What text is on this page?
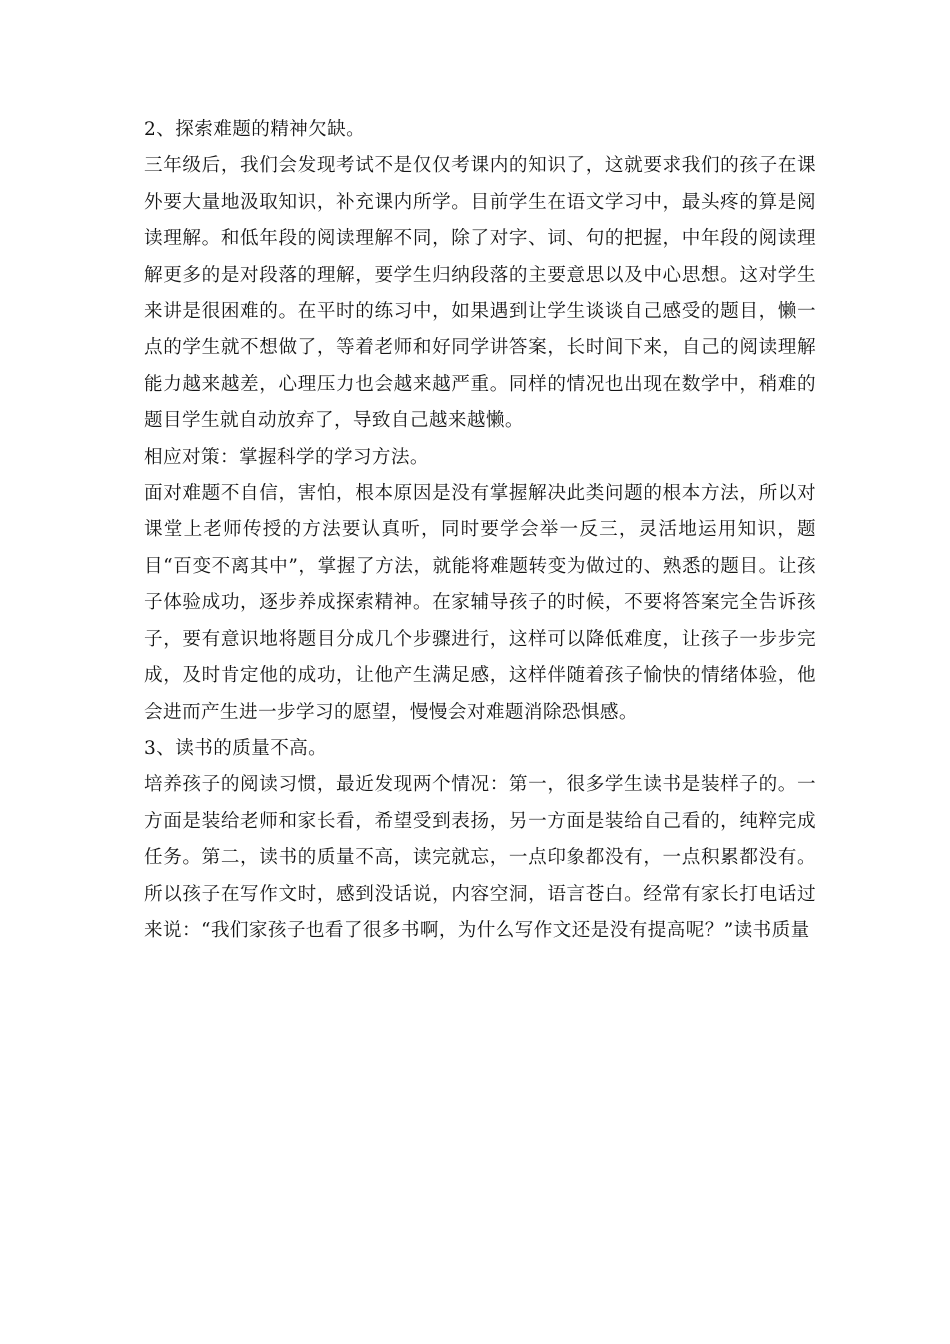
2、探索难题的精神欠缺。

三年级后，我们会发现考试不是仅仅考课内的知识了，这就要求我们的孩子在课外要大量地汲取知识，补充课内所学。目前学生在语文学习中，最头疼的算是阅读理解。和低年段的阅读理解不同，除了对字、词、句的把握，中年段的阅读理解更多的是对段落的理解，要学生归纳段落的主要意思以及中心思想。这对学生来讲是很困难的。在平时的练习中，如果遇到让学生谈谈自己感受的题目，懒一点的学生就不想做了，等着老师和好同学讲答案，长时间下来，自己的阅读理解能力越来越差，心理压力也会越来越严重。同样的情况也出现在数学中，稍难的题目学生就自动放弃了，导致自己越来越懒。

相应对策：掌握科学的学习方法。

面对难题不自信，害怕，根本原因是没有掌握解决此类问题的根本方法，所以对课堂上老师传授的方法要认真听，同时要学会举一反三，灵活地运用知识，题目“百变不离其中”，掌握了方法，就能将难题转变为做过的、熟悉的题目。让孩子体验成功，逐步养成探索精神。在家辅导孩子的时候，不要将答案完全告诉孩子，要有意识地将题目分成几个步骤进行，这样可以降低难度，让孩子一步步完成，及时肯定他的成功，让他产生满足感，这样伴随着孩子愉快的情绪体验，他会进而产生进一步学习的愿望，慢慢会对难题消除恐惧感。

3、读书的质量不高。

培养孩子的阅读习惯，最近发现两个情况：第一，很多学生读书是装样子的。一方面是装给老师和家长看，希望受到表扬，另一方面是装给自己看的，纯粹完成任务。第二，读书的质量不高，读完就忘，一点印象都没有，一点积累都没有。所以孩子在写作文时，感到没话说，内容空洞，语言苍白。经常有家长打电话过来说：“我们家孩子也看了很多书啊，为什么写作文还是没有提高呢？”读书质量
